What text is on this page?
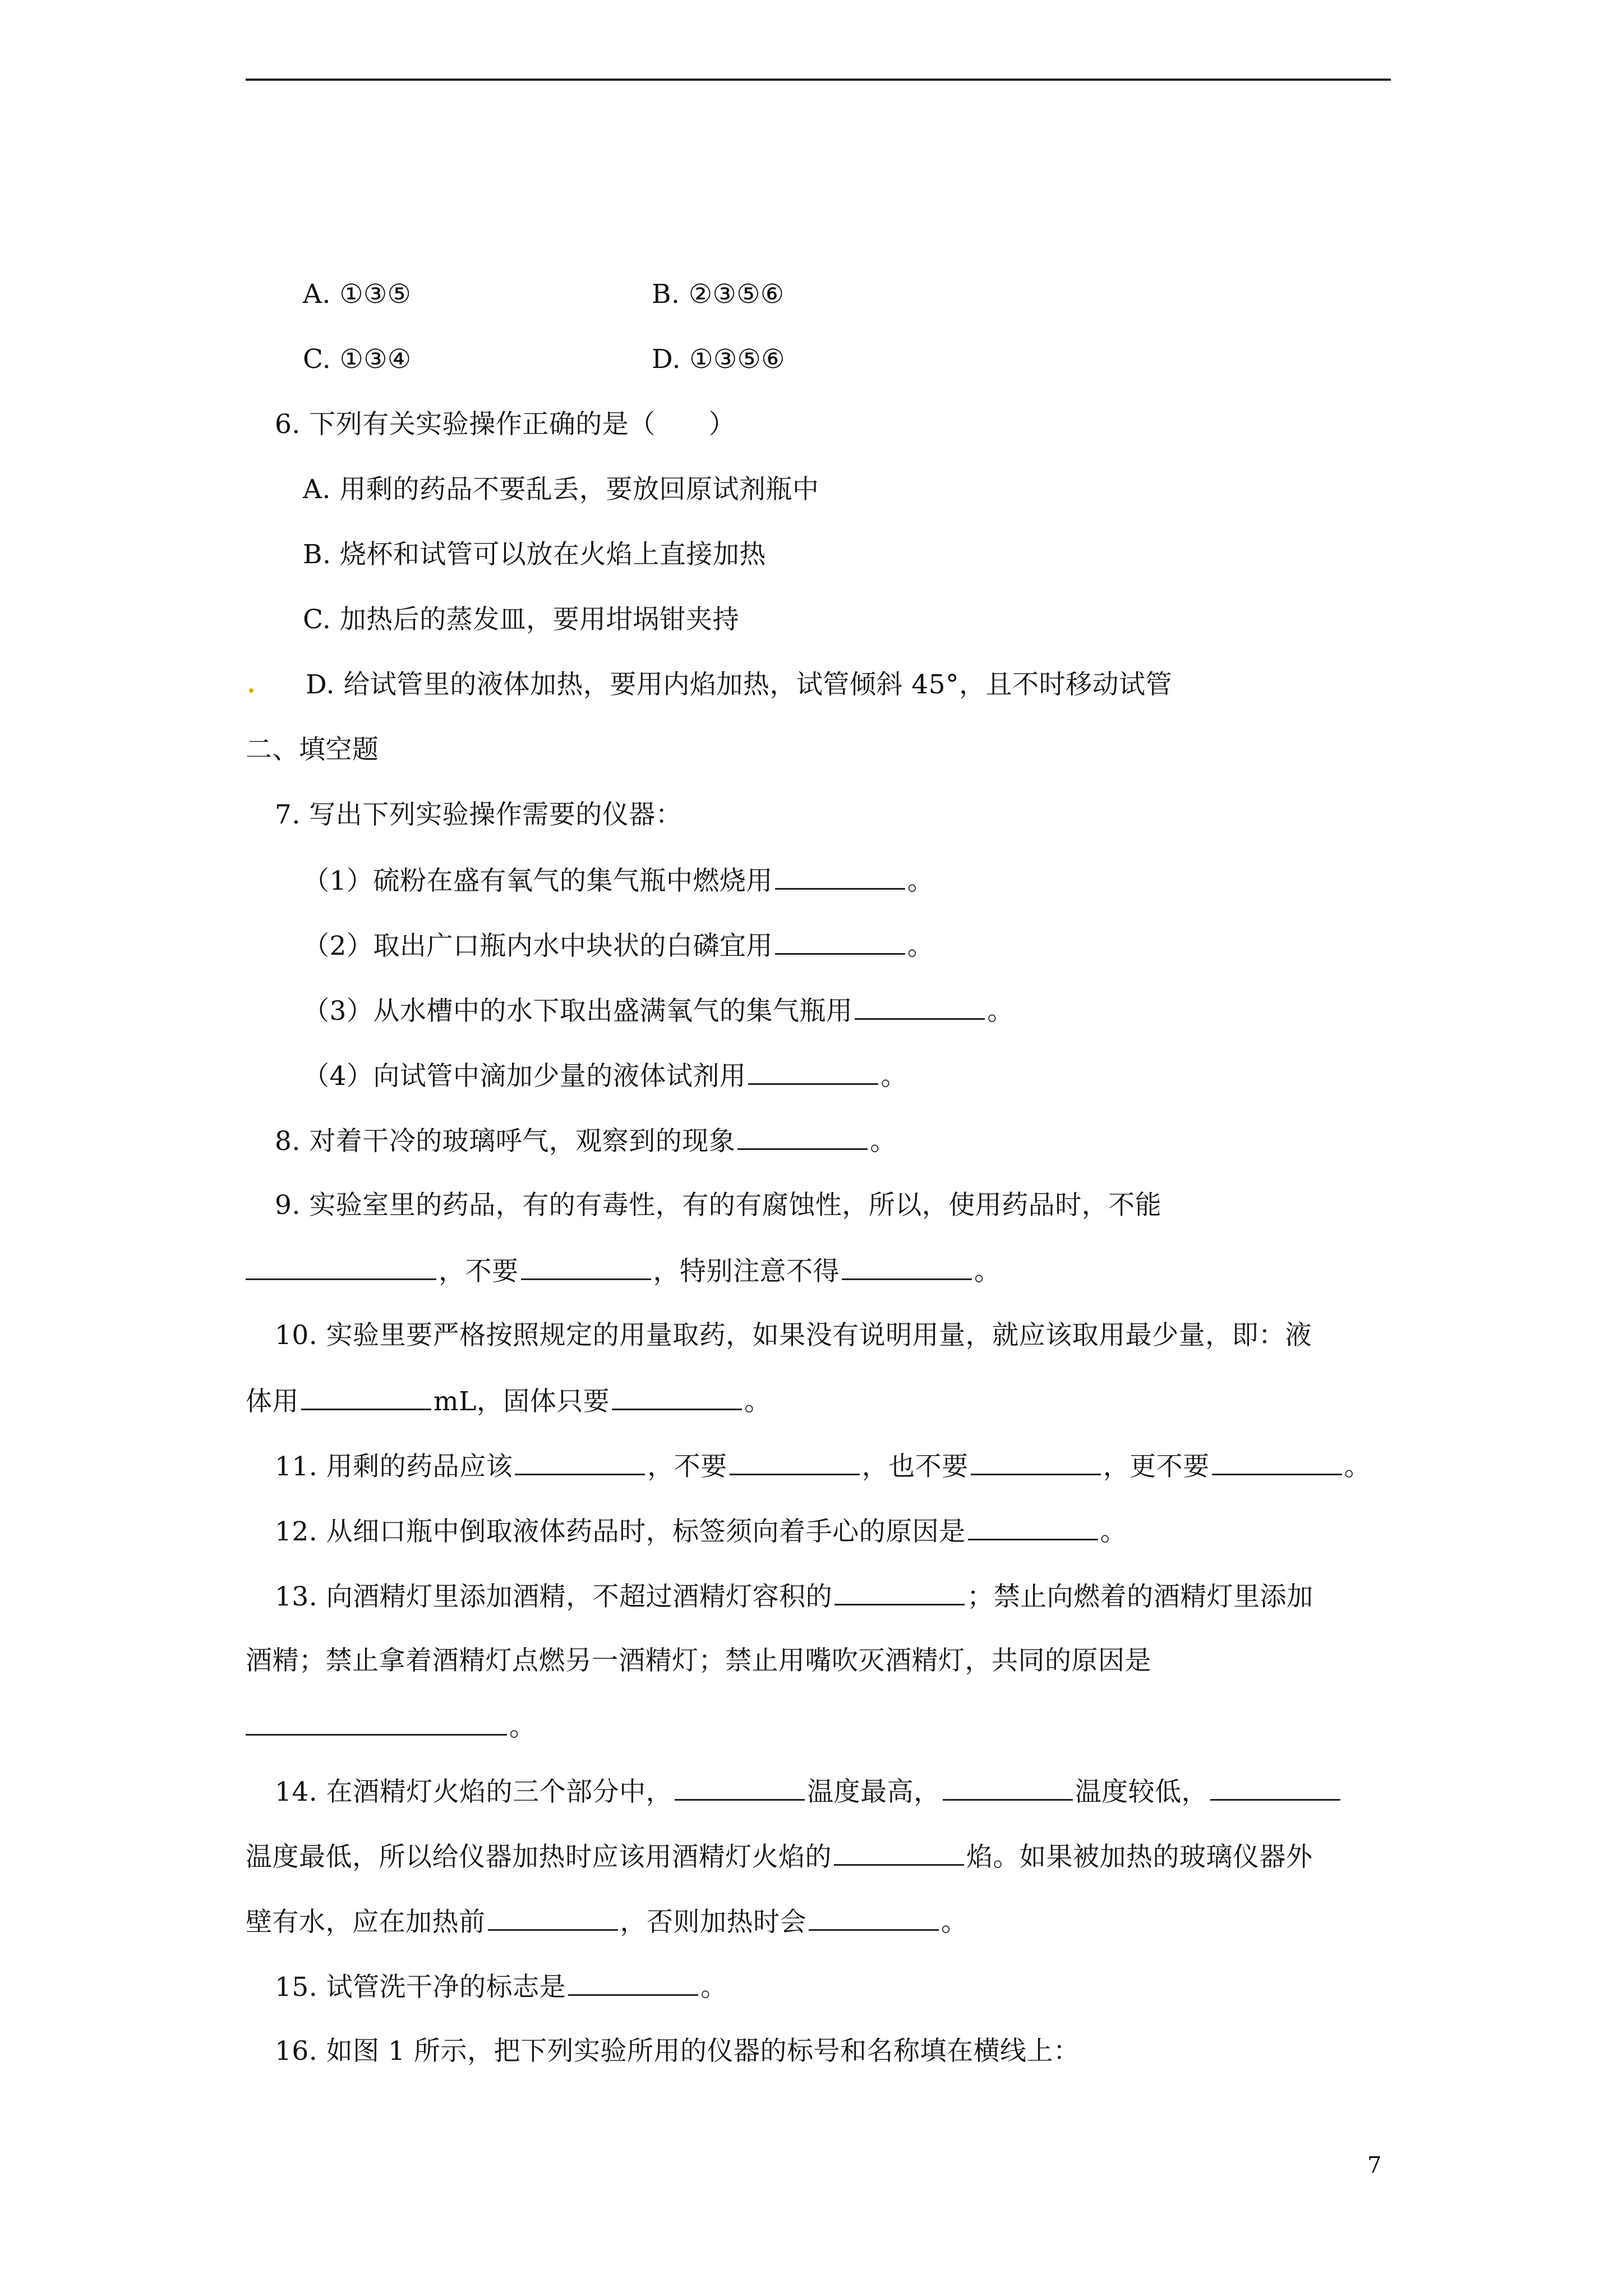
A. ①③⑤	B. ②③⑤⑥
C. ①③④	D. ①③⑤⑥
6. 下列有关实验操作正确的是（　　）
A. 用剩的药品不要乱丢，要放回原试剂瓶中
B. 烧杯和试管可以放在火焰上直接加热
C. 加热后的蒸发皿，要用坩埚钳夹持
D. 给试管里的液体加热，要用内焰加热，试管倾斜 45°，且不时移动试管
二、填空题
7. 写出下列实验操作需要的仪器：
（1）硫粉在盛有氧气的集气瓶中燃烧用	。
（2）取出广口瓶内水中块状的白磷宜用	。
（3）从水槽中的水下取出盛满氧气的集气瓶用	。
（4）向试管中滴加少量的液体试剂用	。
8. 对着干冷的玻璃呼气，观察到的现象	。
9. 实验室里的药品，有的有毒性，有的有腐蚀性，所以，使用药品时，不能
，不要	，特别注意不得	。
10. 实验里要严格按照规定的用量取药，如果没有说明用量，就应该取用最少量，即：液
体用	mL，固体只要	。
11. 用剩的药品应该	，不要	，也不要	，更不要	。
12. 从细口瓶中倒取液体药品时，标签须向着手心的原因是	。
13. 向酒精灯里添加酒精，不超过酒精灯容积的	；禁止向燃着的酒精灯里添加
酒精；禁止拿着酒精灯点燃另一酒精灯；禁止用嘴吹灭酒精灯，共同的原因是
。
14. 在酒精灯火焰的三个部分中，	温度最高，	温度较低，
温度最低，所以给仪器加热时应该用酒精灯火焰的	焰。如果被加热的玻璃仪器外
壁有水，应在加热前	，否则加热时会	。
15. 试管洗干净的标志是	。
16. 如图 1 所示，把下列实验所用的仪器的标号和名称填在横线上：
7
